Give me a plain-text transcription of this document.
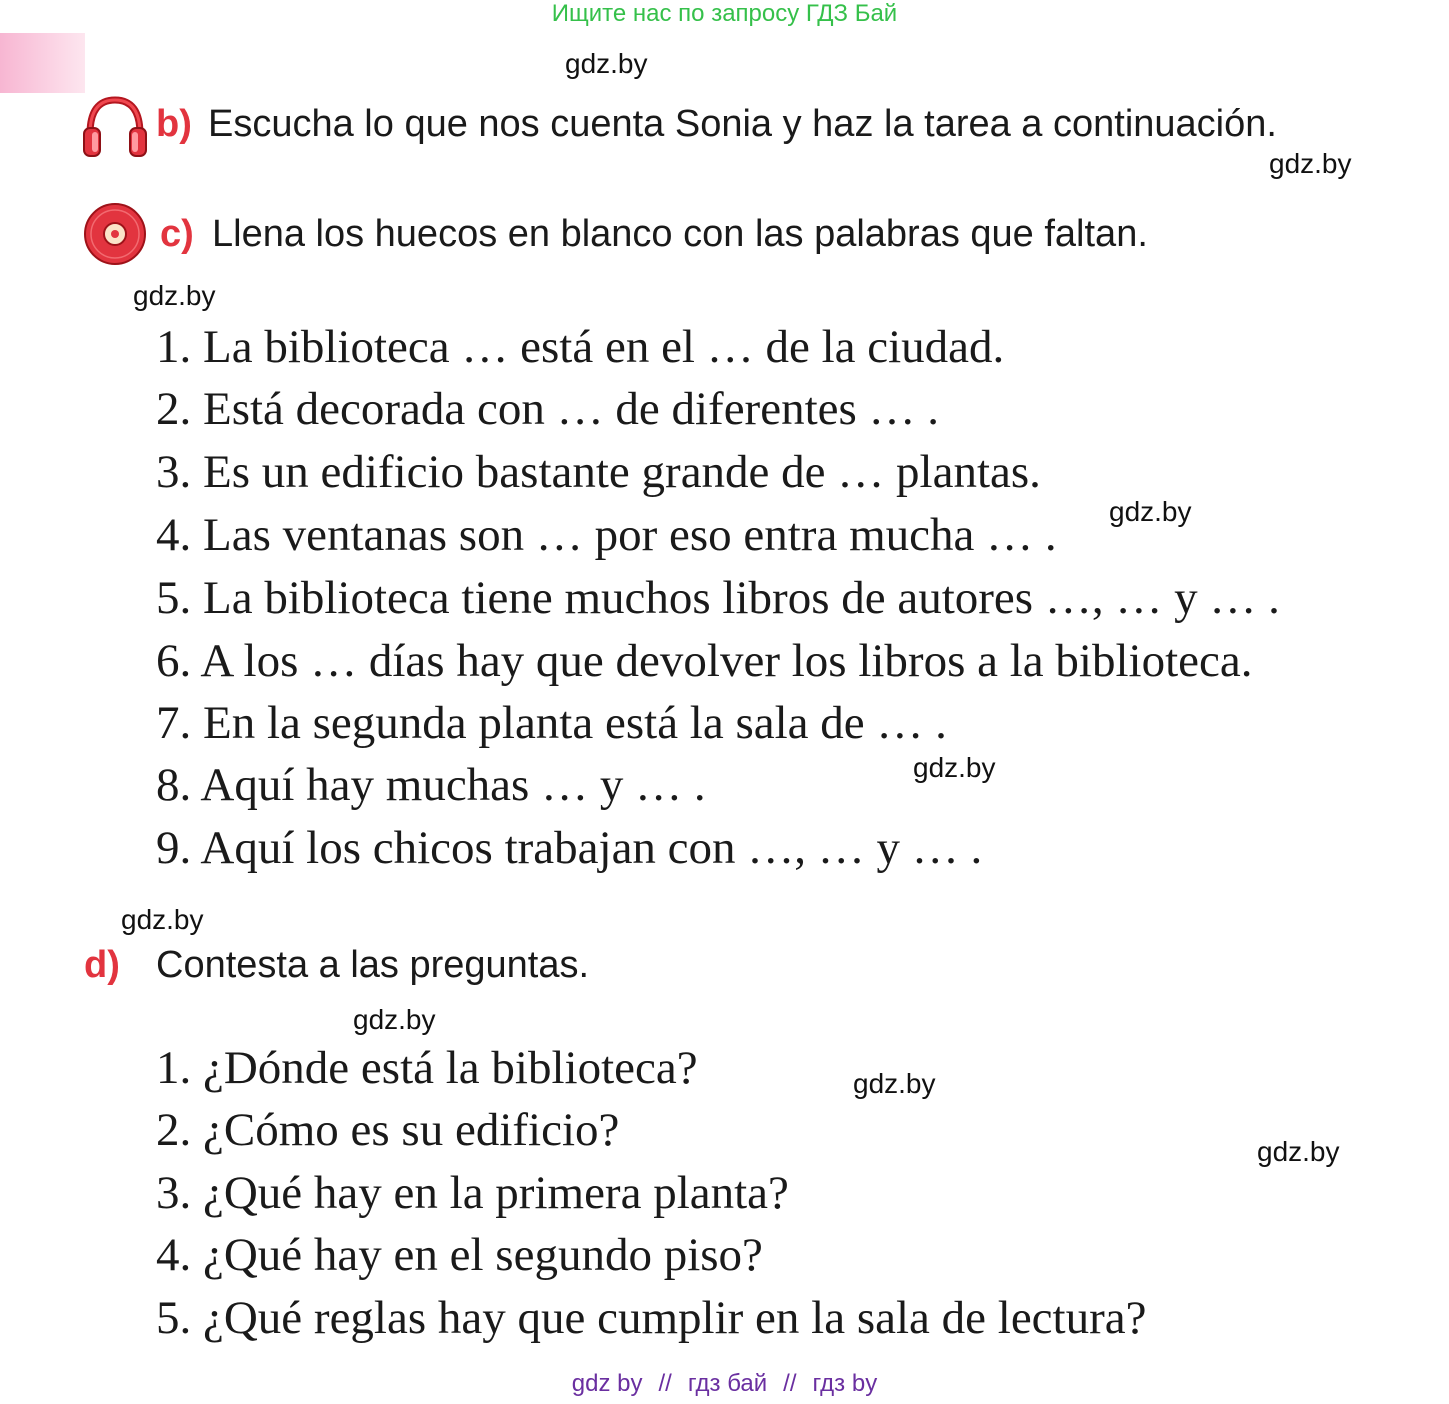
Ищите нас по запросу ГДЗ Бай
gdz.by
gdz.by
gdz.by
gdz.by
gdz.by
gdz.by
gdz.by
gdz.by
gdz.by
b) Escucha lo que nos cuenta Sonia y haz la tarea a continuación.
c) Llena los huecos en blanco con las palabras que faltan.
1. La biblioteca … está en el … de la ciudad.
2. Está decorada con … de diferentes … .
3. Es un edificio bastante grande de … plantas.
4. Las ventanas son … por eso entra mucha … .
5. La biblioteca tiene muchos libros de autores …, … y … .
6. A los … días hay que devolver los libros a la biblioteca.
7. En la segunda planta está la sala de … .
8. Aquí hay muchas … y … .
9. Aquí los chicos trabajan con …, … y … .
d) Contesta a las preguntas.
1. ¿Dónde está la biblioteca?
2. ¿Cómo es su edificio?
3. ¿Qué hay en la primera planta?
4. ¿Qué hay en el segundo piso?
5. ¿Qué reglas hay que cumplir en la sala de lectura?
gdz by // гдз бай // гдз by
